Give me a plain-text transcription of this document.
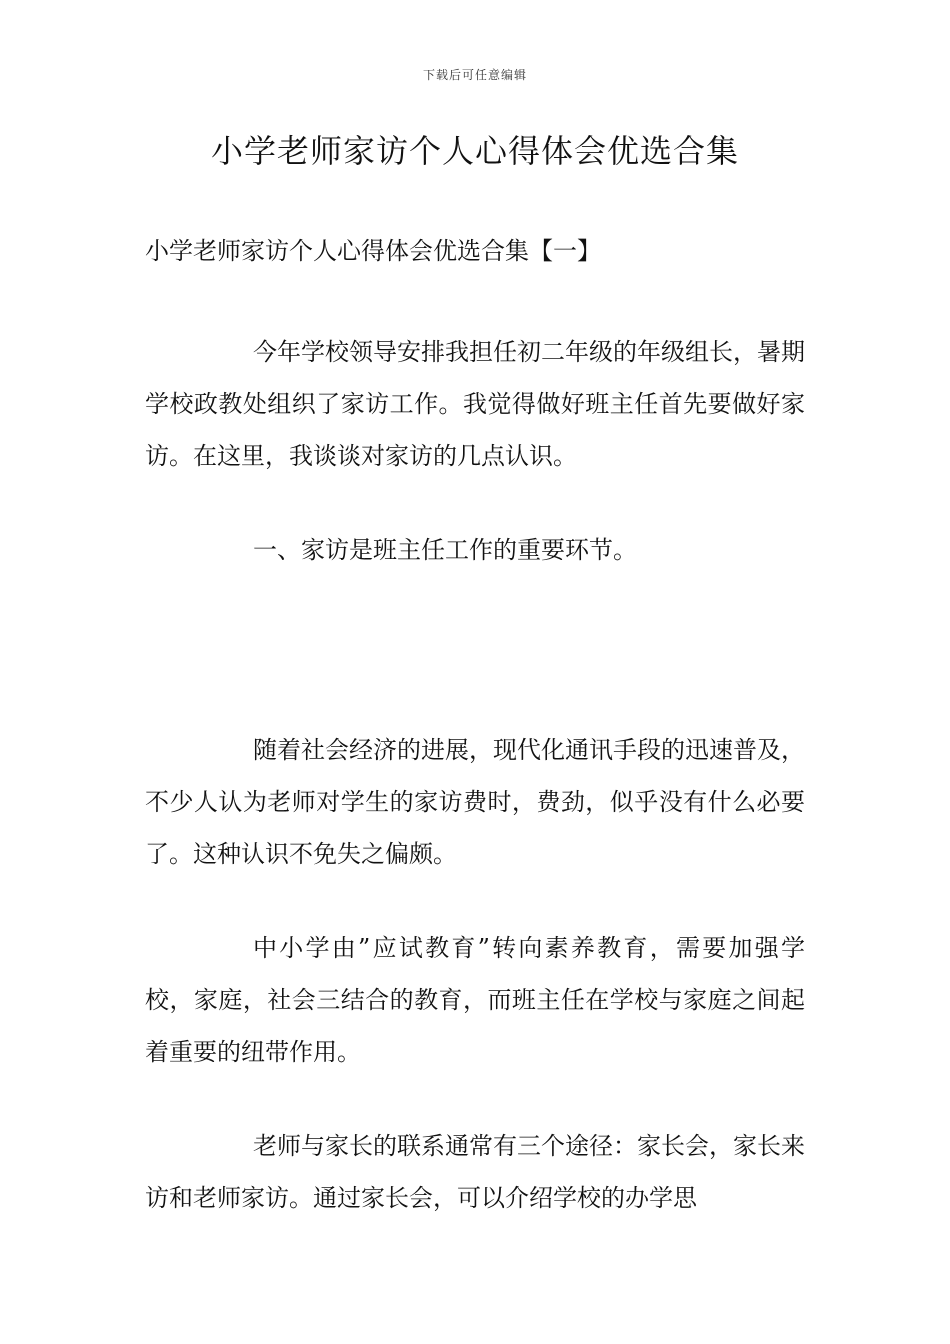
下载后可任意编辑
小学老师家访个人心得体会优选合集
小学老师家访个人心得体会优选合集【一】

今年学校领导安排我担任初二年级的年级组长，暑期学校政教处组织了家访工作。我觉得做好班主任首先要做好家访。在这里，我谈谈对家访的几点认识。

一、家访是班主任工作的重要环节。

随着社会经济的进展，现代化通讯手段的迅速普及，不少人认为老师对学生的家访费时，费劲，似乎没有什么必要了。这种认识不免失之偏颇。

中小学由”应试教育”转向素养教育，需要加强学校，家庭，社会三结合的教育，而班主任在学校与家庭之间起着重要的纽带作用。

老师与家长的联系通常有三个途径：家长会，家长来访和老师家访。通过家长会，可以介绍学校的办学思
